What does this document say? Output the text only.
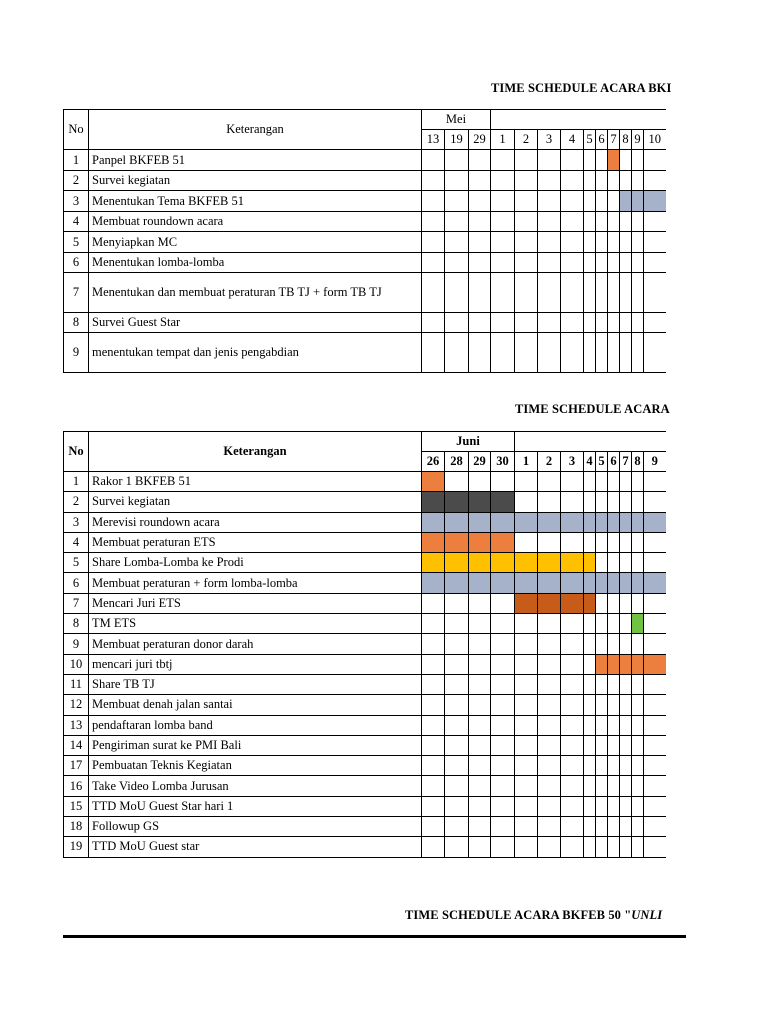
TIME SCHEDULE ACARA BKI
No	Keterangan	Mei												
		13	19	29	1	2	3	4	5	6	7	8	9	10
1	Panpel BKFEB 51													
2	Survei kegiatan													
3	Menentukan Tema BKFEB 51													
4	Membuat roundown acara													
5	Menyiapkan MC													
6	Menentukan lomba-lomba													
7	Menentukan dan membuat peraturan TB TJ + form TB TJ													
8	Survei Guest Star													
9	menentukan tempat dan jenis pengabdian													
TIME SCHEDULE ACARA
No	Keterangan	Juni												
		26	28	29	30	1	2	3	4	5	6	7	8	9
1	Rakor 1 BKFEB 51													
2	Survei kegiatan													
3	Merevisi roundown acara													
4	Membuat peraturan ETS													
5	Share Lomba-Lomba ke Prodi													
6	Membuat peraturan + form lomba-lomba													
7	Mencari Juri ETS													
8	TM ETS													
9	Membuat peraturan donor darah													
10	mencari juri tbtj													
11	Share TB TJ													
12	Membuat denah jalan santai													
13	pendaftaran lomba band													
14	Pengiriman surat ke PMI Bali													
17	Pembuatan Teknis Kegiatan													
16	Take Video Lomba Jurusan													
15	TTD MoU Guest Star hari 1													
18	Followup GS													
19	TTD MoU Guest star													
TIME SCHEDULE ACARA BKFEB 50 "UNLI
